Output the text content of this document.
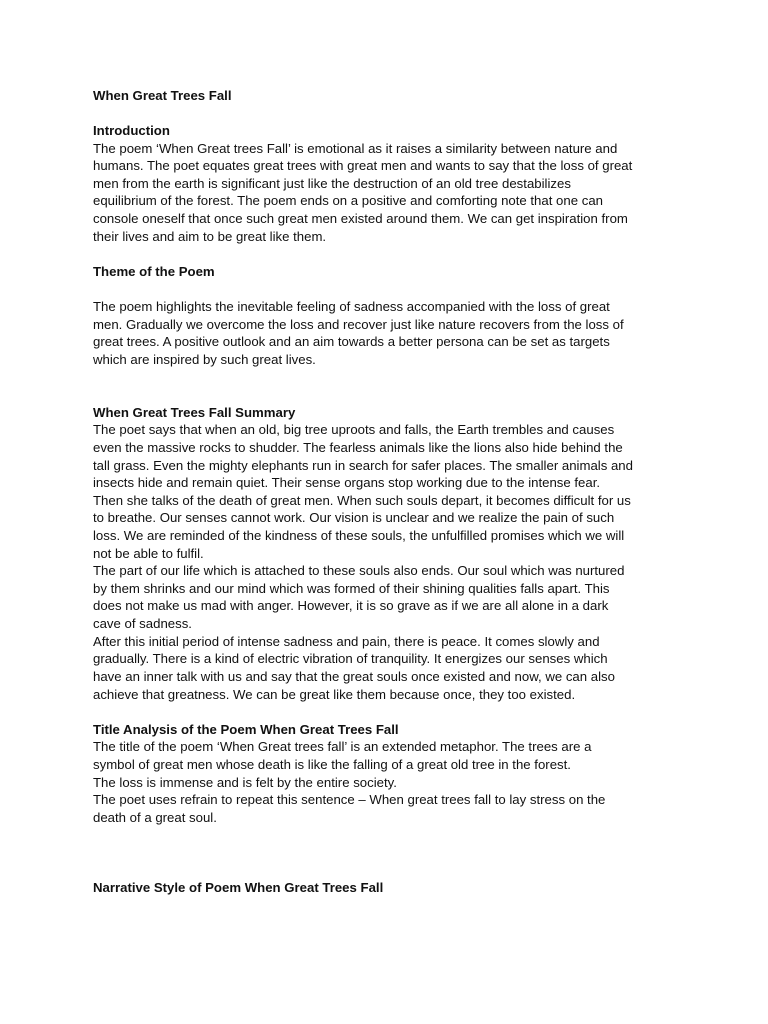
When Great Trees Fall

Introduction

The poem ‘When Great trees Fall’ is emotional as it raises a similarity between nature and

humans. The poet equates great trees with great men and wants to say that the loss of great

men from the earth is significant just like the destruction of an old tree destabilizes

equilibrium of the forest. The poem ends on a positive and comforting note that one can

console oneself that once such great men existed around them. We can get inspiration from

their lives and aim to be great like them.

Theme of the Poem

The poem highlights the inevitable feeling of sadness accompanied with the loss of great

men. Gradually we overcome the loss and recover just like nature recovers from the loss of

great trees. A positive outlook and an aim towards a better persona can be set as targets

which are inspired by such great lives.

When Great Trees Fall Summary

The poet says that when an old, big tree uproots and falls, the Earth trembles and causes

even the massive rocks to shudder. The fearless animals like the lions also hide behind the

tall grass. Even the mighty elephants run in search for safer places. The smaller animals and

insects hide and remain quiet. Their sense organs stop working due to the intense fear.

Then she talks of the death of great men. When such souls depart, it becomes difficult for us

to breathe. Our senses cannot work. Our vision is unclear and we realize the pain of such

loss. We are reminded of the kindness of these souls, the unfulfilled promises which we will

not be able to fulfil.

The part of our life which is attached to these souls also ends. Our soul which was nurtured

by them shrinks and our mind which was formed of their shining qualities falls apart. This

does not make us mad with anger. However, it is so grave as if we are all alone in a dark

cave of sadness.

After this initial period of intense sadness and pain, there is peace. It comes slowly and

gradually. There is a kind of electric vibration of tranquility. It energizes our senses which

have an inner talk with us and say that the great souls once existed and now, we can also

achieve that greatness. We can be great like them because once, they too existed.

Title Analysis of the Poem When Great Trees Fall

The title of the poem ‘When Great trees fall’ is an extended metaphor. The trees are a

symbol of great men whose death is like the falling of a great old tree in the forest.

The loss is immense and is felt by the entire society.

The poet uses refrain to repeat this sentence – When great trees fall to lay stress on the

death of a great soul.

Narrative Style of Poem When Great Trees Fall
